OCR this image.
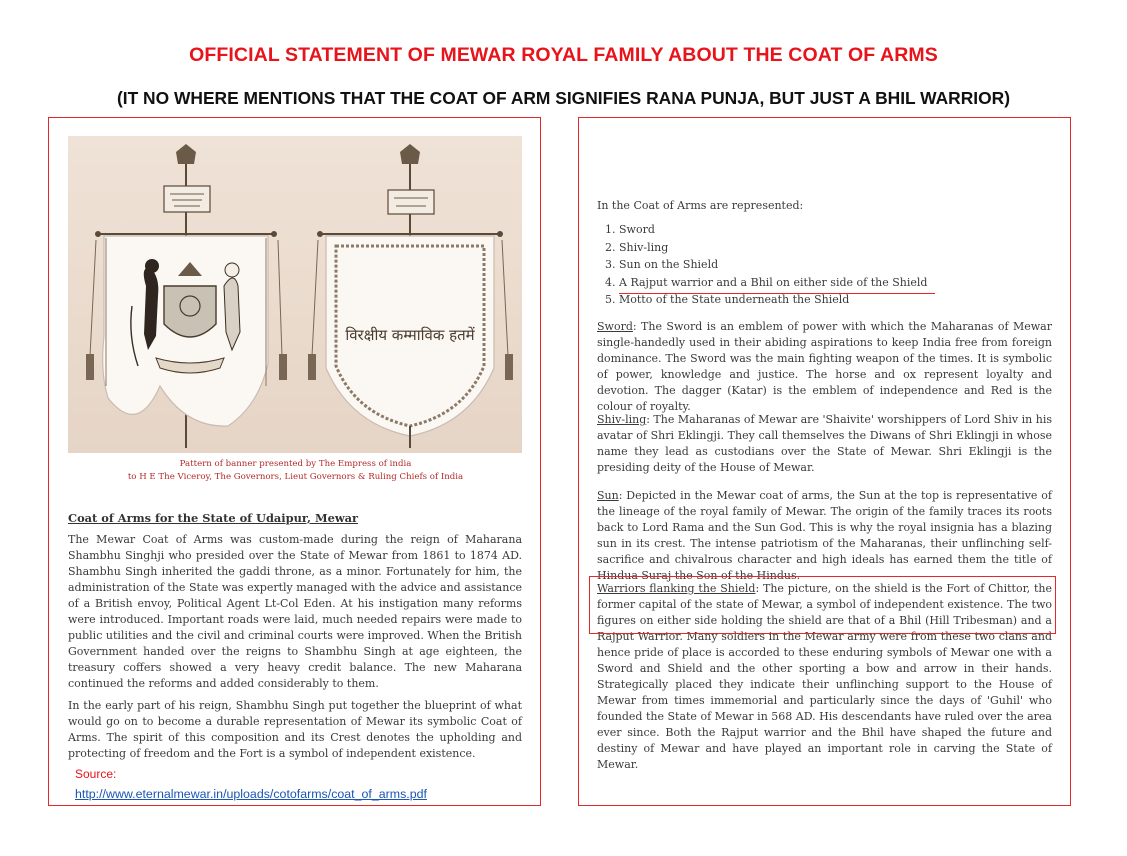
OFFICIAL STATEMENT OF MEWAR ROYAL FAMILY ABOUT THE COAT OF ARMS
(IT NO WHERE MENTIONS THAT THE COAT OF ARM SIGNIFIES RANA PUNJA, BUT JUST A BHIL WARRIOR)
विरक्षीय कम्माविक हतमें
Pattern of banner presented by The Empress of india
to H E The Viceroy, The Governors, Lieut Governors & Ruling Chiefs of India
Coat of Arms for the State of Udaipur, Mewar
The Mewar Coat of Arms was custom-made during the reign of Maharana Shambhu Singhji who presided over the State of Mewar from 1861 to 1874 AD. Shambhu Singh inherited the gaddi throne, as a minor. Fortunately for him, the administration of the State was expertly managed with the advice and assistance of a British envoy, Political Agent Lt-Col Eden. At his instigation many reforms were introduced. Important roads were laid, much needed repairs were made to public utilities and the civil and criminal courts were improved. When the British Government handed over the reigns to Shambhu Singh at age eighteen, the treasury coffers showed a very heavy credit balance. The new Maharana continued the reforms and added considerably to them.
In the early part of his reign, Shambhu Singh put together the blueprint of what would go on to become a durable representation of Mewar its symbolic Coat of Arms. The spirit of this composition and its Crest denotes the upholding and protecting of freedom and the Fort is a symbol of independent existence.
Source:
http://www.eternalmewar.in/uploads/cotofarms/coat_of_arms.pdf
In the Coat of Arms are represented:
1. Sword
2. Shiv-ling
3. Sun on the Shield
4. A Rajput warrior and a Bhil on either side of the Shield
5. Motto of the State underneath the Shield
Sword: The Sword is an emblem of power with which the Maharanas of Mewar single-handedly used in their abiding aspirations to keep India free from foreign dominance. The Sword was the main fighting weapon of the times. It is symbolic of power, knowledge and justice. The horse and ox represent loyalty and devotion. The dagger (Katar) is the emblem of independence and Red is the colour of royalty.
Shiv-ling: The Maharanas of Mewar are 'Shaivite' worshippers of Lord Shiv in his avatar of Shri Eklingji. They call themselves the Diwans of Shri Eklingji in whose name they lead as custodians over the State of Mewar. Shri Eklingji is the presiding deity of the House of Mewar.
Sun: Depicted in the Mewar coat of arms, the Sun at the top is representative of the lineage of the royal family of Mewar. The origin of the family traces its roots back to Lord Rama and the Sun God. This is why the royal insignia has a blazing sun in its crest. The intense patriotism of the Maharanas, their unflinching self-sacrifice and chivalrous character and high ideals has earned them the title of Hindua Suraj the Son of the Hindus.
Warriors flanking the Shield: The picture, on the shield is the Fort of Chittor, the former capital of the state of Mewar, a symbol of independent existence. The two figures on either side holding the shield are that of a Bhil (Hill Tribesman) and a Rajput Warrior. Many soldiers in the Mewar army were from these two clans and hence pride of place is accorded to these enduring symbols of Mewar one with a Sword and Shield and the other sporting a bow and arrow in their hands. Strategically placed they indicate their unflinching support to the House of Mewar from times immemorial and particularly since the days of 'Guhil' who founded the State of Mewar in 568 AD. His descendants have ruled over the area ever since. Both the Rajput warrior and the Bhil have shaped the future and destiny of Mewar and have played an important role in carving the State of Mewar.
